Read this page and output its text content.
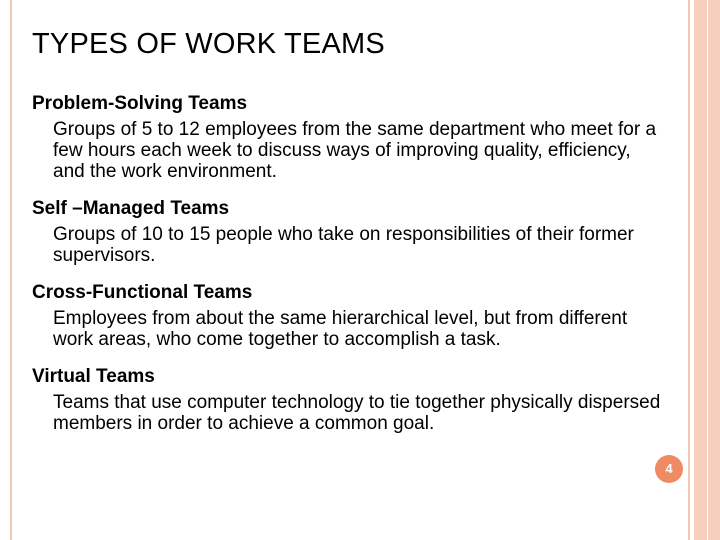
TYPES OF WORK TEAMS

Problem-Solving Teams

Groups of 5 to 12 employees from the same department who meet for a few hours each week to discuss ways of improving quality, efficiency, and the work environment.

Self –Managed Teams

Groups of 10 to 15 people who take on responsibilities of their former supervisors.

Cross-Functional Teams

Employees from about the same hierarchical level, but from different work areas, who come together to accomplish a task.

Virtual Teams

Teams that use computer technology to tie together physically dispersed members in order to achieve a common goal.

4
